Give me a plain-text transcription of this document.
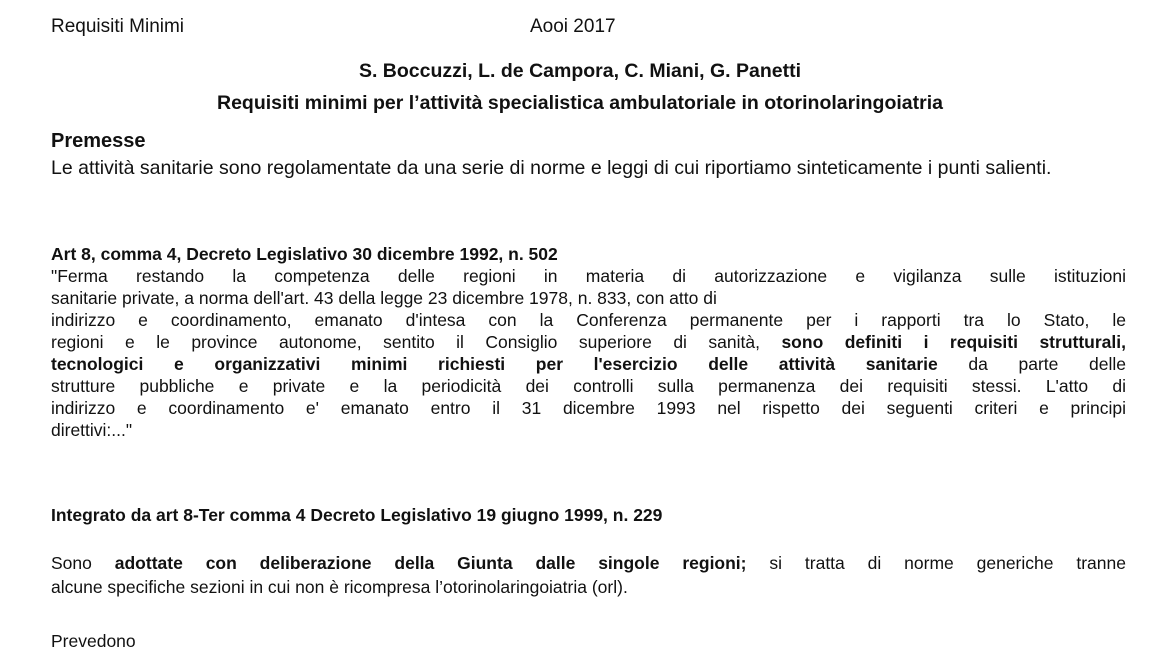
Requisiti Minimi	Aooi 2017
S. Boccuzzi, L. de Campora, C. Miani, G. Panetti
Requisiti minimi per l’attività specialistica ambulatoriale in otorinolaringoiatria
Premesse
Le attività sanitarie sono regolamentate da una serie di norme e leggi di cui riportiamo sinteticamente i punti salienti.
Art 8, comma 4, Decreto Legislativo 30 dicembre 1992, n. 502
"Ferma restando la competenza delle regioni in materia di autorizzazione e vigilanza sulle istituzioni
sanitarie private, a norma dell'art. 43 della legge 23 dicembre 1978, n. 833, con atto di
indirizzo e coordinamento, emanato d'intesa con la Conferenza permanente per i rapporti tra lo Stato, le
regioni e le province autonome, sentito il Consiglio superiore di sanità, sono definiti i requisiti strutturali,
tecnologici e organizzativi minimi richiesti per l'esercizio delle attività sanitarie da parte delle
strutture pubbliche e private e la periodicità dei controlli sulla permanenza dei requisiti stessi. L'atto di
indirizzo e coordinamento e' emanato entro il 31 dicembre 1993 nel rispetto dei seguenti criteri e principi
direttivi:..."
Integrato da art 8-Ter comma 4 Decreto Legislativo 19 giugno 1999, n. 229
Sono adottate con deliberazione della Giunta dalle singole regioni; si tratta di norme generiche tranne
alcune specifiche sezioni in cui non è ricompresa l’otorinolaringoiatria (orl).
Prevedono
